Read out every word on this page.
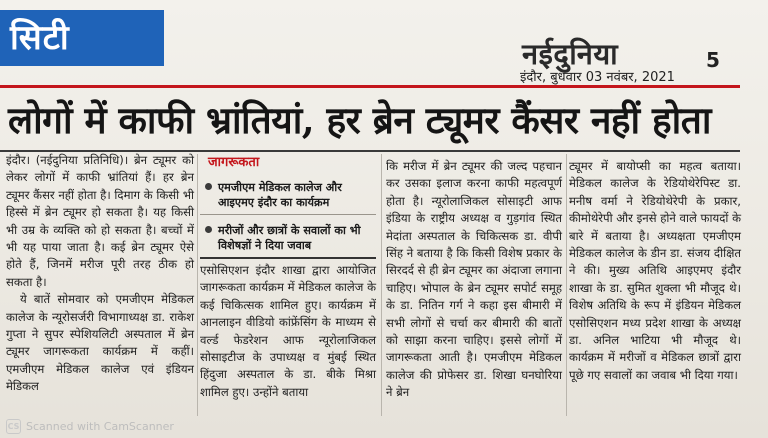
सिटी	नईदुनिया
इंदौर, बुधवार 03 नवंबर, 2021
5
लोगों में काफी भ्रांतियां, हर ब्रेन ट्यूमर कैंसर नहीं होता

इंदौर। (नईदुनिया प्रतिनिधि)। ब्रेन ट्यूमर को लेकर लोगों में काफी भ्रांतियां हैं। हर ब्रेन ट्यूमर कैंसर नहीं होता है। दिमाग के किसी भी हिस्से में ब्रेन ट्यूमर हो सकता है। यह किसी भी उम्र के व्यक्ति को हो सकता है। बच्चों में भी यह पाया जाता है। कई ब्रेन ट्यूमर ऐसे होते हैं, जिनमें मरीज पूरी तरह ठीक हो सकता है।

ये बातें सोमवार को एमजीएम मेडिकल कालेज के न्यूरोसर्जरी विभागाध्यक्ष डा. राकेश गुप्ता ने सुपर स्पेशियलिटी अस्पताल में ब्रेन ट्यूमर जागरूकता कार्यक्रम में कहीं। एमजीएम मेडिकल कालेज एवं इंडियन मेडिकल

जागरूकता
एमजीएम मेडिकल कालेज और आइएमए इंदौर का कार्यक्रम
मरीजों और छात्रों के सवालों का भी विशेषज्ञों ने दिया जवाब

एसोसिएशन इंदौर शाखा द्वारा आयोजित जागरूकता कार्यक्रम में मेडिकल कालेज के कई चिकित्सक शामिल हुए। कार्यक्रम में आनलाइन वीडियो कांफ्रेंसिंग के माध्यम से वर्ल्ड फेडरेशन आफ न्यूरोलाजिकल सोसाइटीज के उपाध्यक्ष व मुंबई स्थित हिंदुजा अस्पताल के डा. बीके मिश्रा शामिल हुए। उन्होंने बताया

कि मरीज में ब्रेन ट्यूमर की जल्द पहचान कर उसका इलाज करना काफी महत्वपूर्ण होता है। न्यूरोलाजिकल सोसाइटी आफ इंडिया के राष्ट्रीय अध्यक्ष व गुड़गांव स्थित मेदांता अस्पताल के चिकित्सक डा. वीपी सिंह ने बताया है कि किसी विशेष प्रकार के सिरदर्द से ही ब्रेन ट्यूमर का अंदाजा लगाना चाहिए। भोपाल के ब्रेन ट्यूमर सपोर्ट समूह के डा. नितिन गर्ग ने कहा इस बीमारी में सभी लोगों से चर्चा कर बीमारी की बातों को साझा करना चाहिए। इससे लोगों में जागरूकता आती है। एमजीएम मेडिकल कालेज की प्रोफेसर डा. शिखा घनघोरिया ने ब्रेन

ट्यूमर में बायोप्सी का महत्व बताया। मेडिकल कालेज के रेडियोथेरेपिस्ट डा. मनीष वर्मा ने रेडियोथेरेपी के प्रकार, कीमोथेरेपी और इनसे होने वाले फायदों के बारे में बताया है। अध्यक्षता एमजीएम मेडिकल कालेज के डीन डा. संजय दीक्षित ने की। मुख्य अतिथि आइएमए इंदौर शाखा के डा. सुमित शुक्ला भी मौजूद थे। विशेष अतिथि के रूप में इंडियन मेडिकल एसोसिएशन मध्य प्रदेश शाखा के अध्यक्ष डा. अनिल भाटिया भी मौजूद थे। कार्यक्रम में मरीजों व मेडिकल छात्रों द्वारा पूछे गए सवालों का जवाब भी दिया गया।

CS Scanned with CamScanner
